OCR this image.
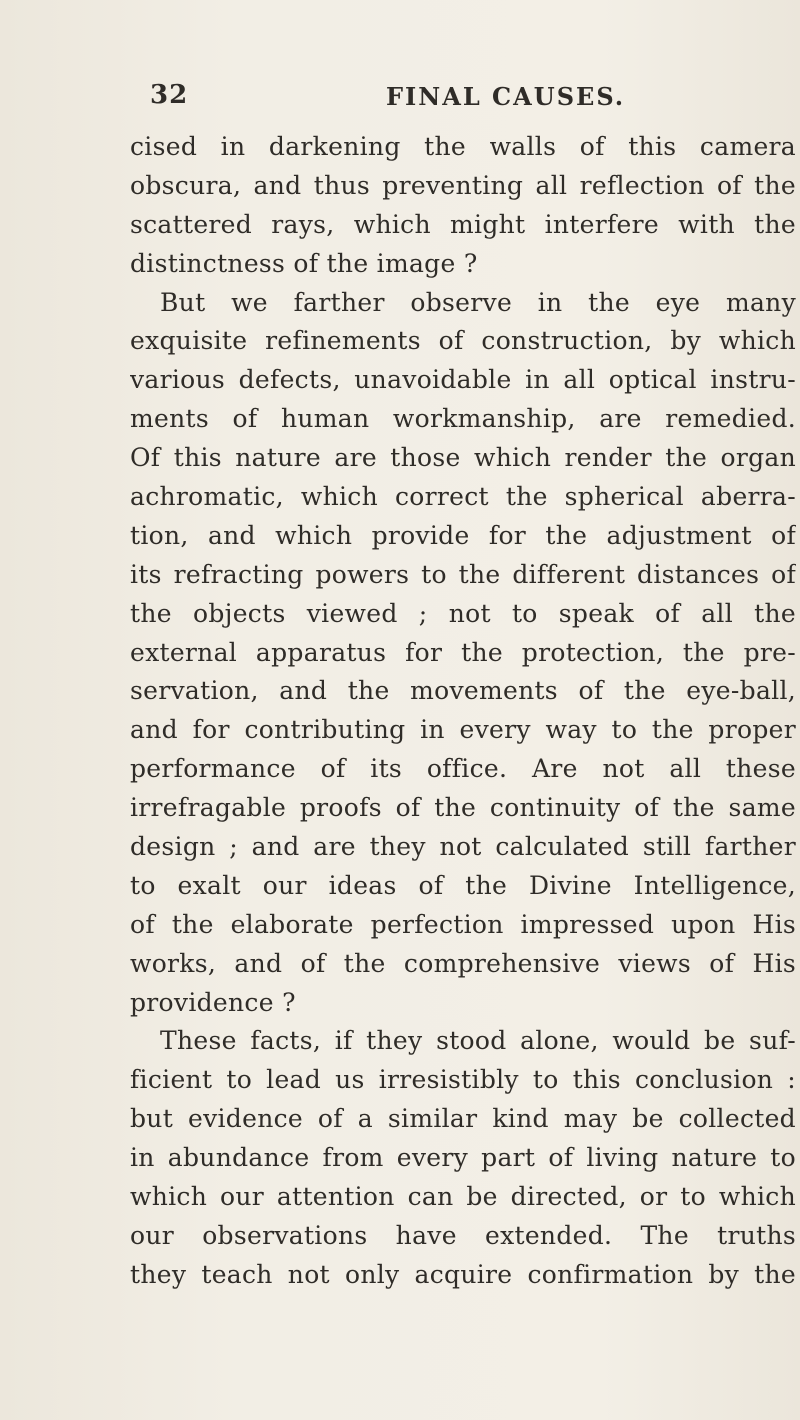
32	FINAL CAUSES.
cised in darkening the walls of this camera
obscura, and thus preventing all reflection of the
scattered rays, which might interfere with the
distinctness of the image ?
But we farther observe in the eye many
exquisite refinements of construction, by which
various defects, unavoidable in all optical instru-
ments of human workmanship, are remedied.
Of this nature are those which render the organ
achromatic, which correct the spherical aberra-
tion, and which provide for the adjustment of
its refracting powers to the different distances of
the objects viewed ; not to speak of all the
external apparatus for the protection, the pre-
servation, and the movements of the eye-ball,
and for contributing in every way to the proper
performance of its office. Are not all these
irrefragable proofs of the continuity of the same
design ; and are they not calculated still farther
to exalt our ideas of the Divine Intelligence,
of the elaborate perfection impressed upon His
works, and of the comprehensive views of His
providence ?
These facts, if they stood alone, would be suf-
ficient to lead us irresistibly to this conclusion :
but evidence of a similar kind may be collected
in abundance from every part of living nature to
which our attention can be directed, or to which
our observations have extended. The truths
they teach not only acquire confirmation by the
